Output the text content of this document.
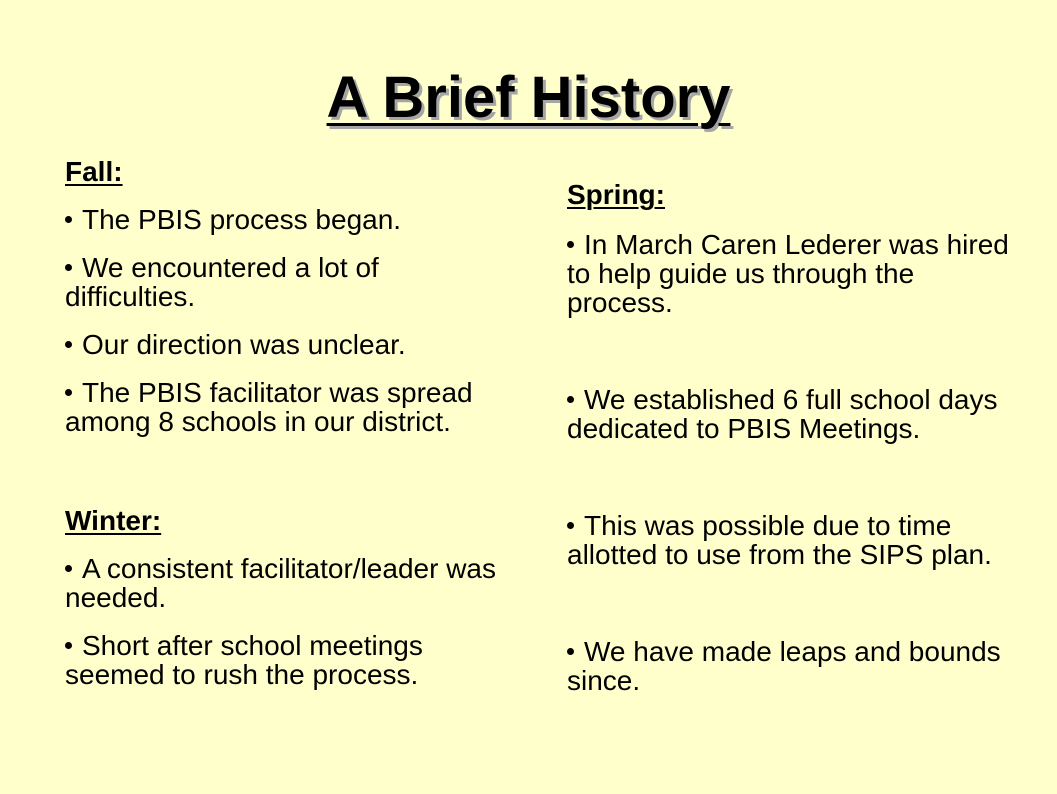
A Brief History

Fall:

The PBIS process began.

We encountered a lot of difficulties.

Our direction was unclear.

The PBIS facilitator was spread among 8 schools in our district.

Winter:

A consistent facilitator/leader was needed.

Short after school meetings seemed to rush the process.

Spring:

In March Caren Lederer was hired to help guide us through the process.

We established 6 full school days dedicated to PBIS Meetings.

This was possible due to time allotted to use from the SIPS plan.

We have made leaps and bounds since.
